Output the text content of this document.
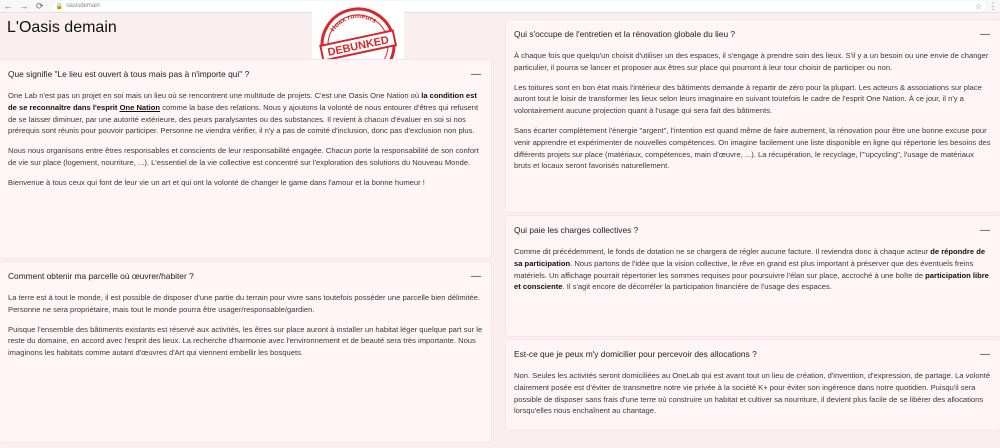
← → ⟳	🔒 oasisdemain	☆ ⋮
L'Oasis demain	Hoax rumeurs
DEBUNKED
Que signifie "Le lieu est ouvert à tous mais pas à n'importe qui" ?	—

One Lab n'est pas un projet en soi mais un lieu où se rencontrent une multitude de projets. C'est une Oasis One Nation où la condition est de se reconnaître dans l'esprit One Nation comme la base des relations. Nous y ajoutons la volonté de nous entourer d'êtres qui refusent de se laisser diminuer, par une autorité extérieure, des peurs paralysantes ou des substances. Il revient à chacun d'évaluer en soi si nos prérequis sont réunis pour pouvoir participer. Personne ne viendra vérifier, il n'y a pas de comité d'inclusion, donc pas d'exclusion non plus.

Nous nous organisons entre êtres responsables et conscients de leur responsabilité engagée. Chacun porte la responsabilité de son confort de vie sur place (logement, nourriture, ...). L'essentiel de la vie collective est concentré sur l'exploration des solutions du Nouveau Monde.

Bienvenue à tous ceux qui font de leur vie un art et qui ont la volonté de changer le game dans l'amour et la bonne humeur !

Comment obtenir ma parcelle où œuvrer/habiter ?	—

La terre est à tout le monde, il est possible de disposer d'une partie du terrain pour vivre sans toutefois posséder une parcelle bien délimitée. Personne ne sera propriétaire, mais tout le monde pourra être usager/responsable/gardien.

Puisque l'ensemble des bâtiments existants est réservé aux activités, les êtres sur place auront à installer un habitat léger quelque part sur le reste du domaine, en accord avec l'esprit des lieux. La recherche d'harmonie avec l'environnement et de beauté sera très importante. Nous imaginons les habitats comme autant d'œuvres d'Art qui viennent embellir les bosquets.

Qui s'occupe de l'entretien et la rénovation globale du lieu ?	—

À chaque fois que quelqu'un choisit d'utiliser un des espaces, il s'engage à prendre soin des lieux. S'il y a un besoin ou une envie de changer particulier, il pourra se lancer et proposer aux êtres sur place qui pourront à leur tour choisir de participer ou non.

Les toitures sont en bon état mais l'intérieur des bâtiments demande à repartir de zéro pour la plupart. Les acteurs & associations sur place auront tout le loisir de transformer les lieux selon leurs imaginaire en suivant toutefois le cadre de l'esprit One Nation. À ce jour, il n'y a volontairement aucune projection quant à l'usage qui sera fait des bâtiments.

Sans écarter complètement l'énergie "argent", l'intention est quand même de faire autrement, la rénovation pour être une bonne excuse pour venir apprendre et expérimenter de nouvelles compétences. On imagine facilement une liste disponible en ligne qui répertorie les besoins des différents projets sur place (matériaux, compétences, main d'œuvre, ...). La récupération, le recyclage, l'"upcycling", l'usage de matériaux bruts et locaux seront favorisés naturellement.

Qui paie les charges collectives ?	—

Comme dit précédemment, le fonds de dotation ne se chargera de régler aucune facture. Il reviendra donc à chaque acteur de répondre de sa participation. Nous partons de l'idée que la vision collective, le rêve en grand est plus important à préserver que des éventuels freins matériels. Un affichage pourrait répertorier les sommes requises pour poursuivre l'élan sur place, accroché à une boîte de participation libre et consciente. Il s'agit encore de décorréler la participation financière de l'usage des espaces.

Est-ce que je peux m'y domicilier pour percevoir des allocations ?	—

Non. Seules les activités seront domiciliées au OneLab qui est avant tout un lieu de création, d'invention, d'expression, de partage. La volonté clairement posée est d'éviter de transmettre notre vie privée à la société K+ pour éviter son ingérence dans notre quotidien. Puisqu'il sera possible de disposer sans frais d'une terre où construire un habitat et cultiver sa nourriture, il devient plus facile de se libérer des allocations lorsqu'elles nous enchaînent au chantage.
